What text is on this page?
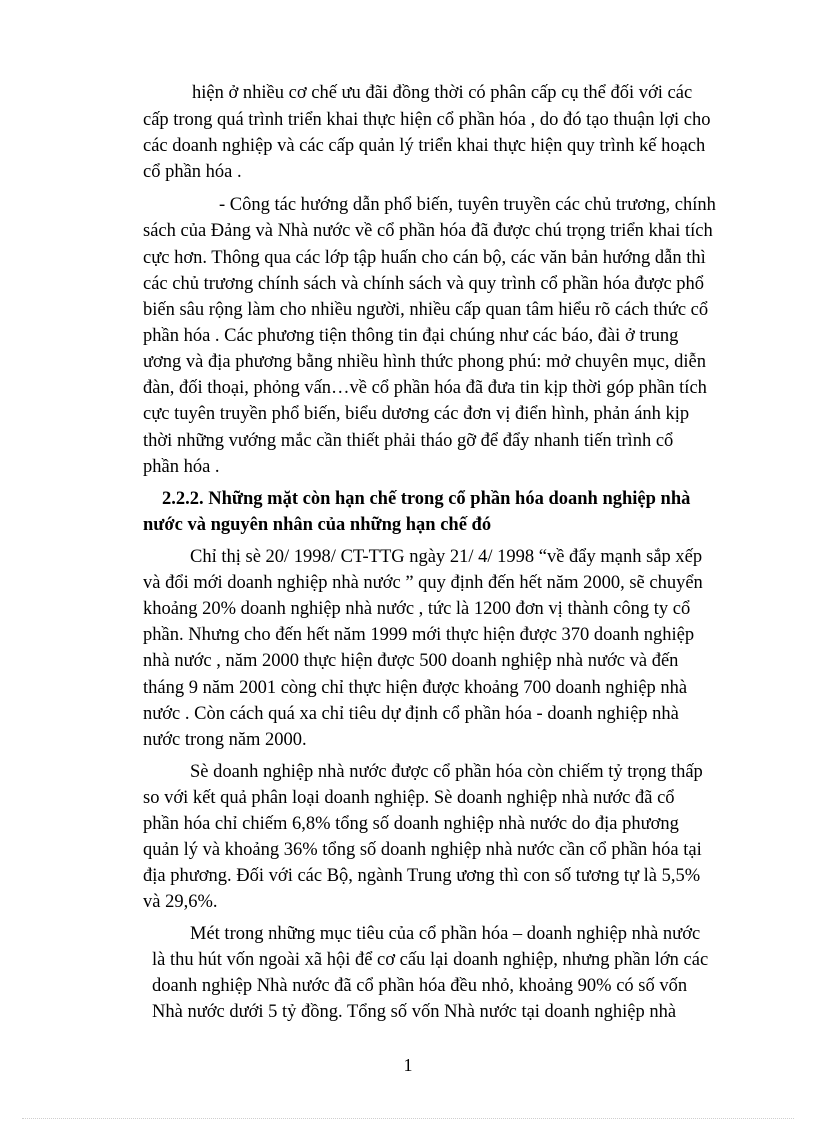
hiện ở nhiều cơ chế ưu đãi đồng thời có phân cấp cụ thể đối với các
cấp trong quá trình triển khai thực hiện cổ phần hóa , do đó tạo thuận lợi cho
các doanh nghiệp và các cấp quản lý triển khai thực hiện quy trình kế hoạch
cổ phần hóa .
- Công tác hướng dẫn phổ biến, tuyên truyền các chủ trương, chính
sách của Đảng và Nhà nước về cổ phần hóa đã được chú trọng triển khai tích
cực hơn. Thông qua các lớp tập huấn cho cán bộ, các văn bản hướng dẫn thì
các chủ trương chính sách và chính sách và quy trình cổ phần hóa được phổ
biến sâu rộng làm cho nhiều người, nhiều cấp quan tâm hiểu rõ cách thức cổ
phần hóa . Các phương tiện thông tin đại chúng như các báo, đài ở trung
ương và địa phương bằng nhiều hình thức phong phú: mở chuyên mục, diễn
đàn, đối thoại, phỏng vấn…về cổ phần hóa đã đưa tin kịp thời góp phần tích
cực tuyên truyền phổ biến, biểu dương các đơn vị điển hình, phản ánh kịp
thời những vướng mắc cần thiết phải tháo gỡ để đẩy nhanh tiến trình cổ
phần hóa .
2.2.2. Những mặt còn hạn chế trong cổ phần hóa doanh nghiệp nhà
nước và nguyên nhân của những hạn chế đó
Chỉ thị sè 20/ 1998/ CT-TTG ngày 21/ 4/ 1998 “về đẩy mạnh sắp xếp
và đổi mới doanh nghiệp nhà nước ” quy định đến hết năm 2000, sẽ chuyển
khoảng 20% doanh nghiệp nhà nước , tức là 1200 đơn vị thành công ty cổ
phần. Nhưng cho đến hết năm 1999 mới thực hiện được 370 doanh nghiệp
nhà nước , năm 2000 thực hiện được 500 doanh nghiệp nhà nước và đến
tháng 9 năm 2001 còng chỉ thực hiện được khoảng 700 doanh nghiệp nhà
nước . Còn cách quá xa chỉ tiêu dự định cổ phần hóa - doanh nghiệp nhà
nước trong năm 2000.
Sè doanh nghiệp nhà nước được cổ phần hóa còn chiếm tỷ trọng thấp
so với kết quả phân loại doanh nghiệp. Sè doanh nghiệp nhà nước đã cổ
phần hóa chỉ chiếm 6,8% tổng số doanh nghiệp nhà nước do địa phương
quản lý và khoảng 36% tổng số doanh nghiệp nhà nước cần cổ phần hóa tại
địa phương. Đối với các Bộ, ngành Trung ương thì con số tương tự là 5,5%
và 29,6%.
Mét trong những mục tiêu của cổ phần hóa – doanh nghiệp nhà nước
là thu hút vốn ngoài xã hội để cơ cấu lại doanh nghiệp, nhưng phần lớn các
doanh nghiệp Nhà nước đã cổ phần hóa đều nhỏ, khoảng 90% có số vốn
Nhà nước dưới 5 tỷ đồng. Tổng số vốn Nhà nước tại doanh nghiệp nhà
1
